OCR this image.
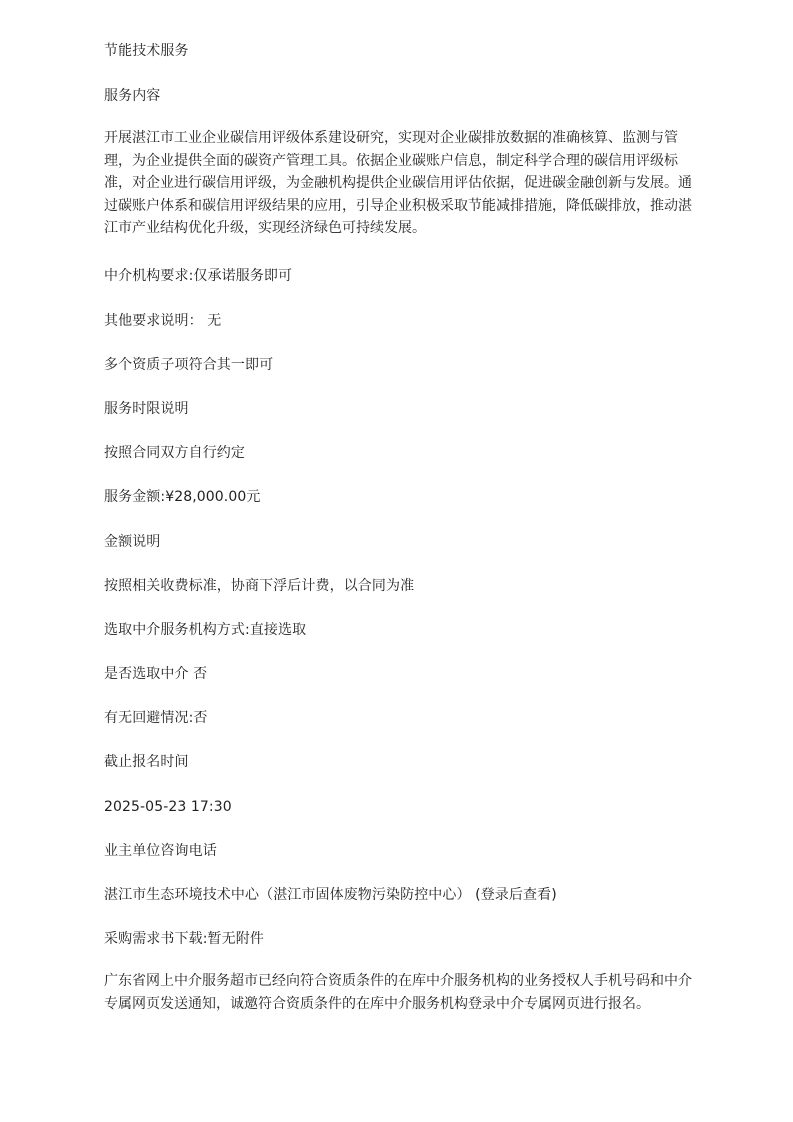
节能技术服务
服务内容
开展湛江市工业企业碳信用评级体系建设研究，实现对企业碳排放数据的准确核算、监测与管理，为企业提供全面的碳资产管理工具。依据企业碳账户信息，制定科学合理的碳信用评级标准，对企业进行碳信用评级，为金融机构提供企业碳信用评估依据，促进碳金融创新与发展。通过碳账户体系和碳信用评级结果的应用，引导企业积极采取节能减排措施，降低碳排放，推动湛江市产业结构优化升级，实现经济绿色可持续发展。
中介机构要求:仅承诺服务即可
其他要求说明： 无
多个资质子项符合其一即可
服务时限说明
按照合同双方自行约定
服务金额:¥28,000.00元
金额说明
按照相关收费标准，协商下浮后计费，以合同为准
选取中介服务机构方式:直接选取
是否选取中介 否
有无回避情况:否
截止报名时间
2025-05-23 17:30
业主单位咨询电话
湛江市生态环境技术中心（湛江市固体废物污染防控中心） (登录后查看)
采购需求书下载:暂无附件
广东省网上中介服务超市已经向符合资质条件的在库中介服务机构的业务授权人手机号码和中介专属网页发送通知，诚邀符合资质条件的在库中介服务机构登录中介专属网页进行报名。
